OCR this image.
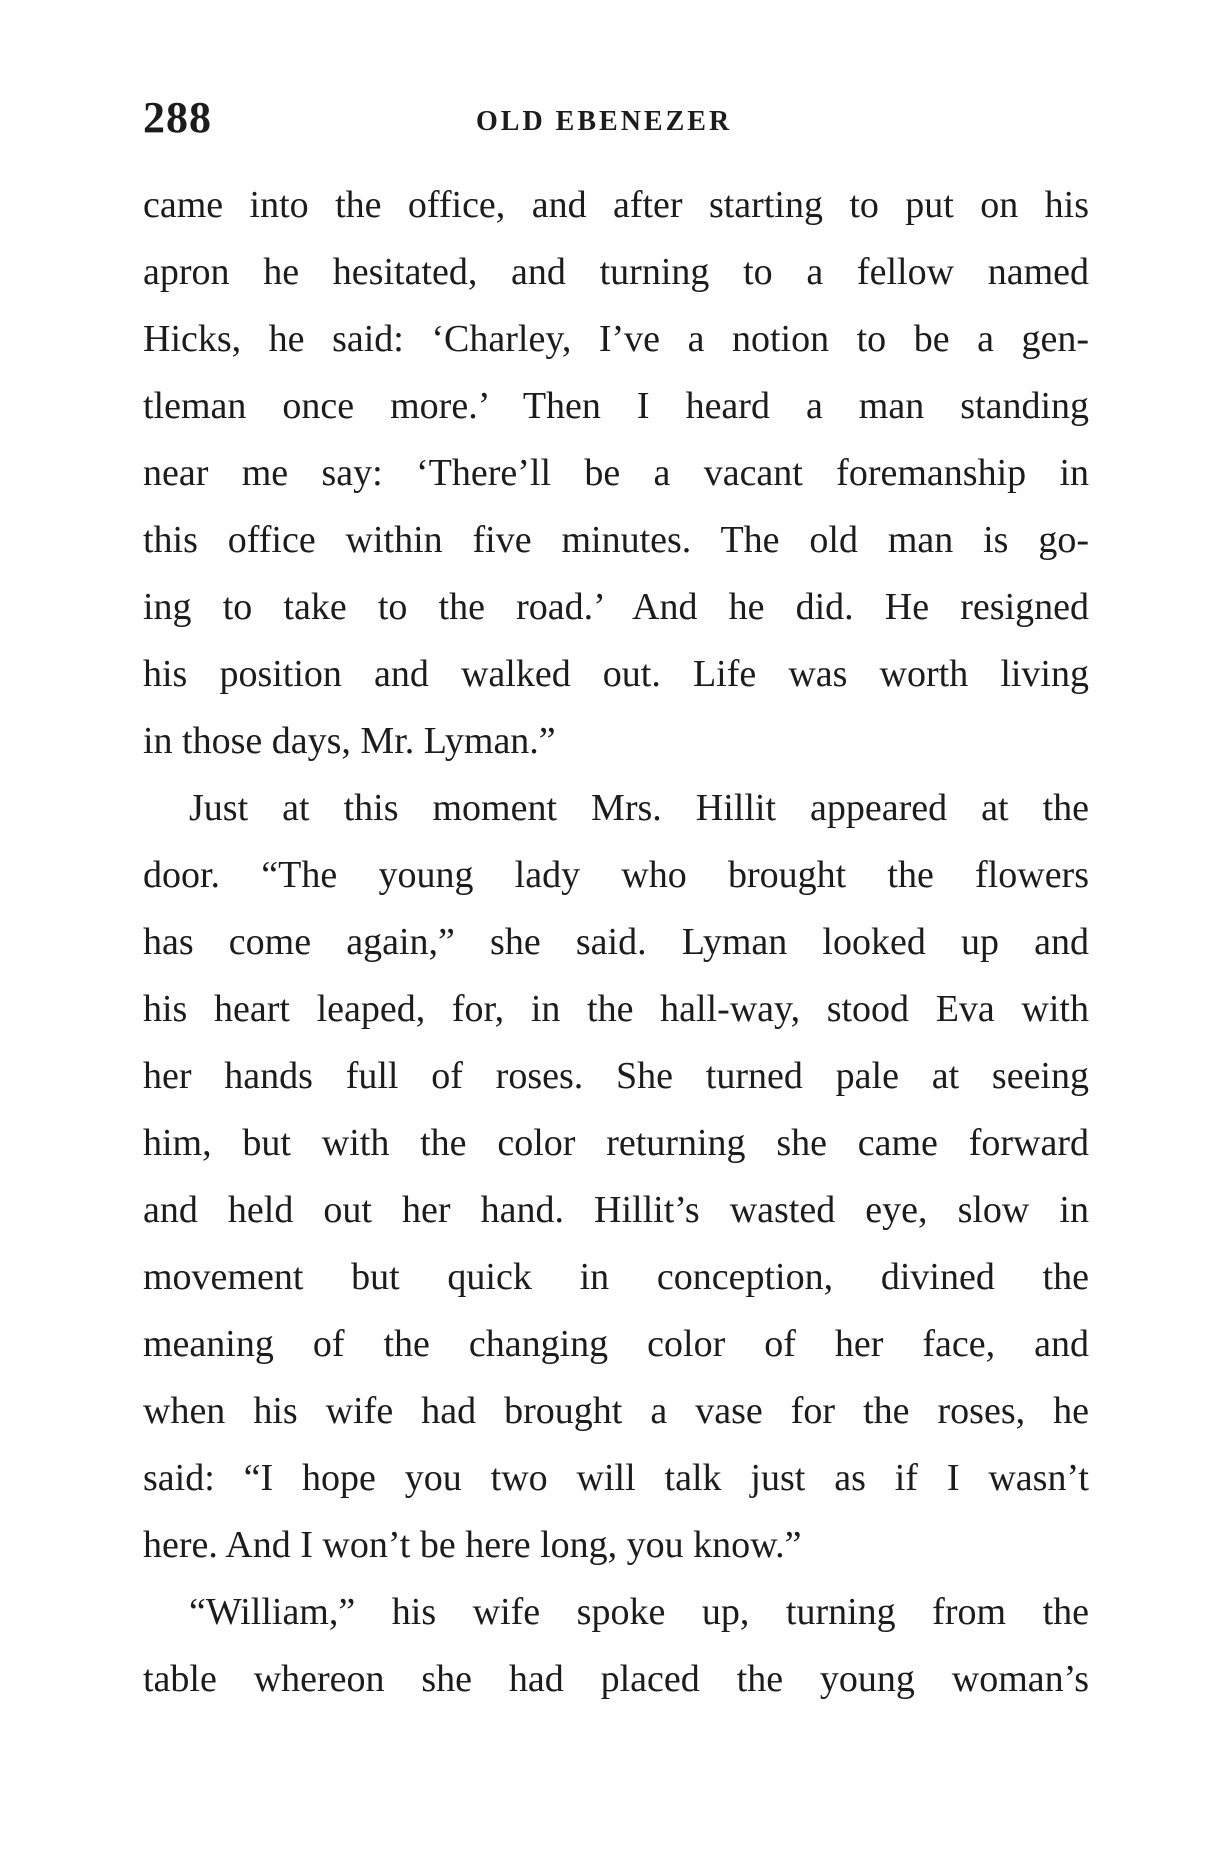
288	OLD EBENEZER
came into the office, and after starting to put on his
apron he hesitated, and turning to a fellow named
Hicks, he said: ‘Charley, I’ve a notion to be a gen-
tleman once more.’ Then I heard a man standing
near me say: ‘There’ll be a vacant foremanship in
this office within five minutes. The old man is go-
ing to take to the road.’ And he did. He resigned
his position and walked out. Life was worth living
in those days, Mr. Lyman.”
Just at this moment Mrs. Hillit appeared at the
door. “The young lady who brought the flowers
has come again,” she said. Lyman looked up and
his heart leaped, for, in the hall-way, stood Eva with
her hands full of roses. She turned pale at seeing
him, but with the color returning she came forward
and held out her hand. Hillit’s wasted eye, slow in
movement but quick in conception, divined the
meaning of the changing color of her face, and
when his wife had brought a vase for the roses, he
said: “I hope you two will talk just as if I wasn’t
here. And I won’t be here long, you know.”
“William,” his wife spoke up, turning from the
table whereon she had placed the young woman’s
